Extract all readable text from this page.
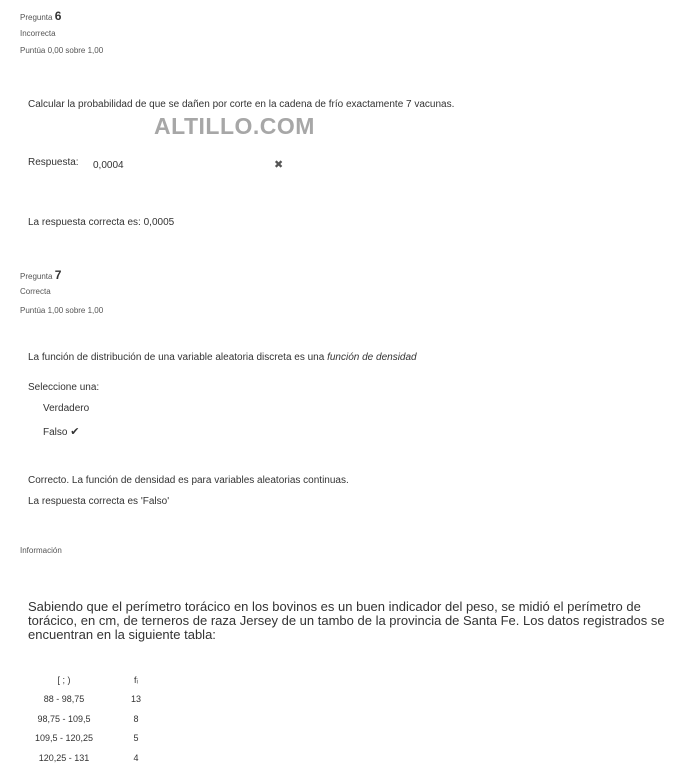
Pregunta 6
Incorrecta
Puntúa 0,00 sobre 1,00
Calcular la probabilidad de que se dañen por corte en la cadena de frío exactamente 7 vacunas.
ALTILLO.COM
Respuesta: 0,0004	✖
La respuesta correcta es: 0,0005
Pregunta 7
Correcta
Puntúa 1,00 sobre 1,00
La función de distribución de una variable aleatoria discreta es una función de densidad
Seleccione una:
Verdadero
Falso ✔
Correcto. La función de densidad es para variables aleatorias continuas.
La respuesta correcta es 'Falso'
Información
Sabiendo que el perímetro torácico en los bovinos es un buen indicador del peso, se midió el perímetro de torácico, en cm, de terneros de raza Jersey de un tambo de la provincia de Santa Fe. Los datos registrados se encuentran en la siguiente tabla:
[ ; )	fᵢ
88 - 98,75	13
98,75 - 109,5	8
109,5 - 120,25	5
120,25 - 131	4
